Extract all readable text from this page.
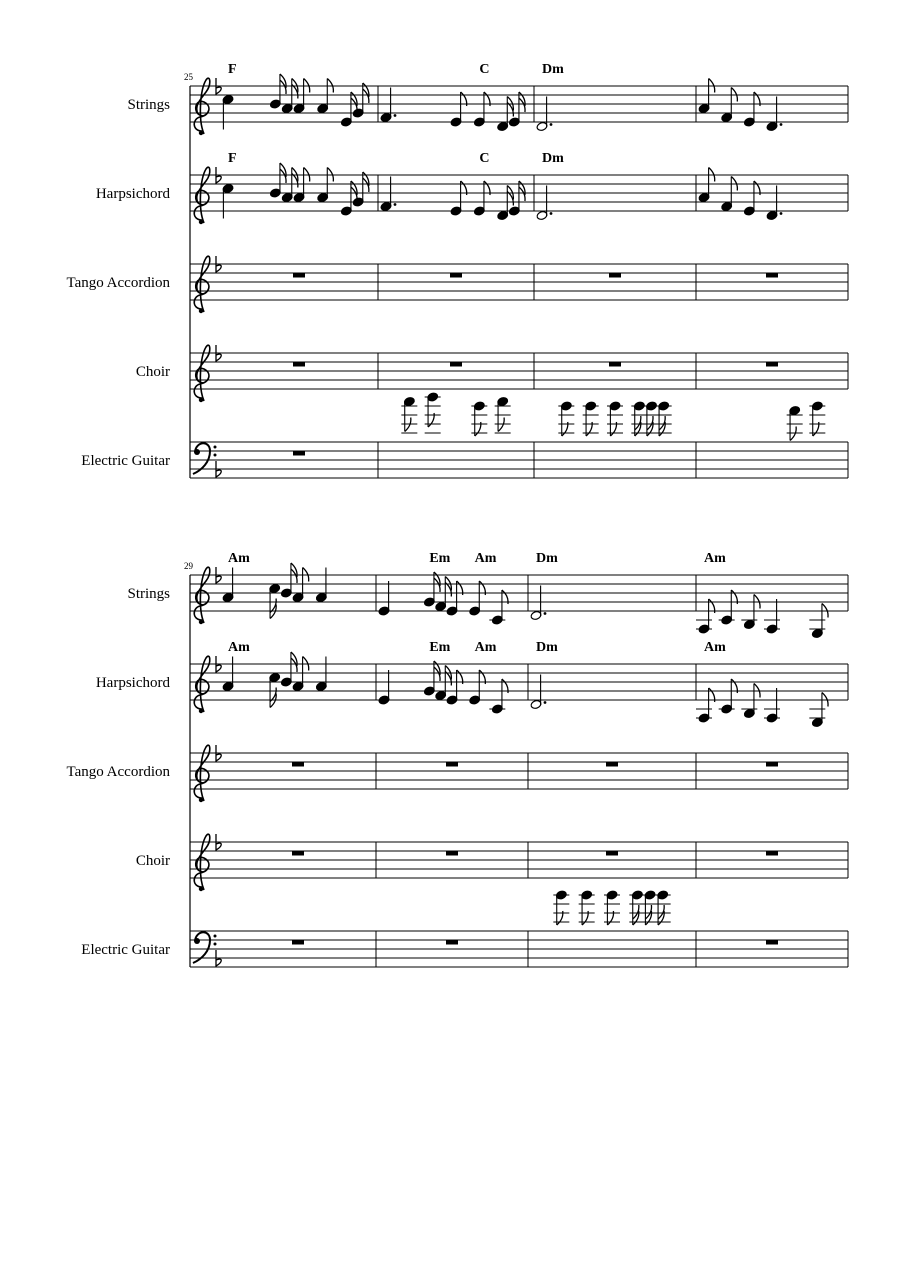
25
Strings
F	C	Dm
Harpsichord
F	C	Dm
Tango Accordion
Choir
Electric Guitar
29
Strings
Am	Em Am	Dm	Am
Harpsichord
Am	Em Am	Dm	Am
Tango Accordion
Choir
Electric Guitar
